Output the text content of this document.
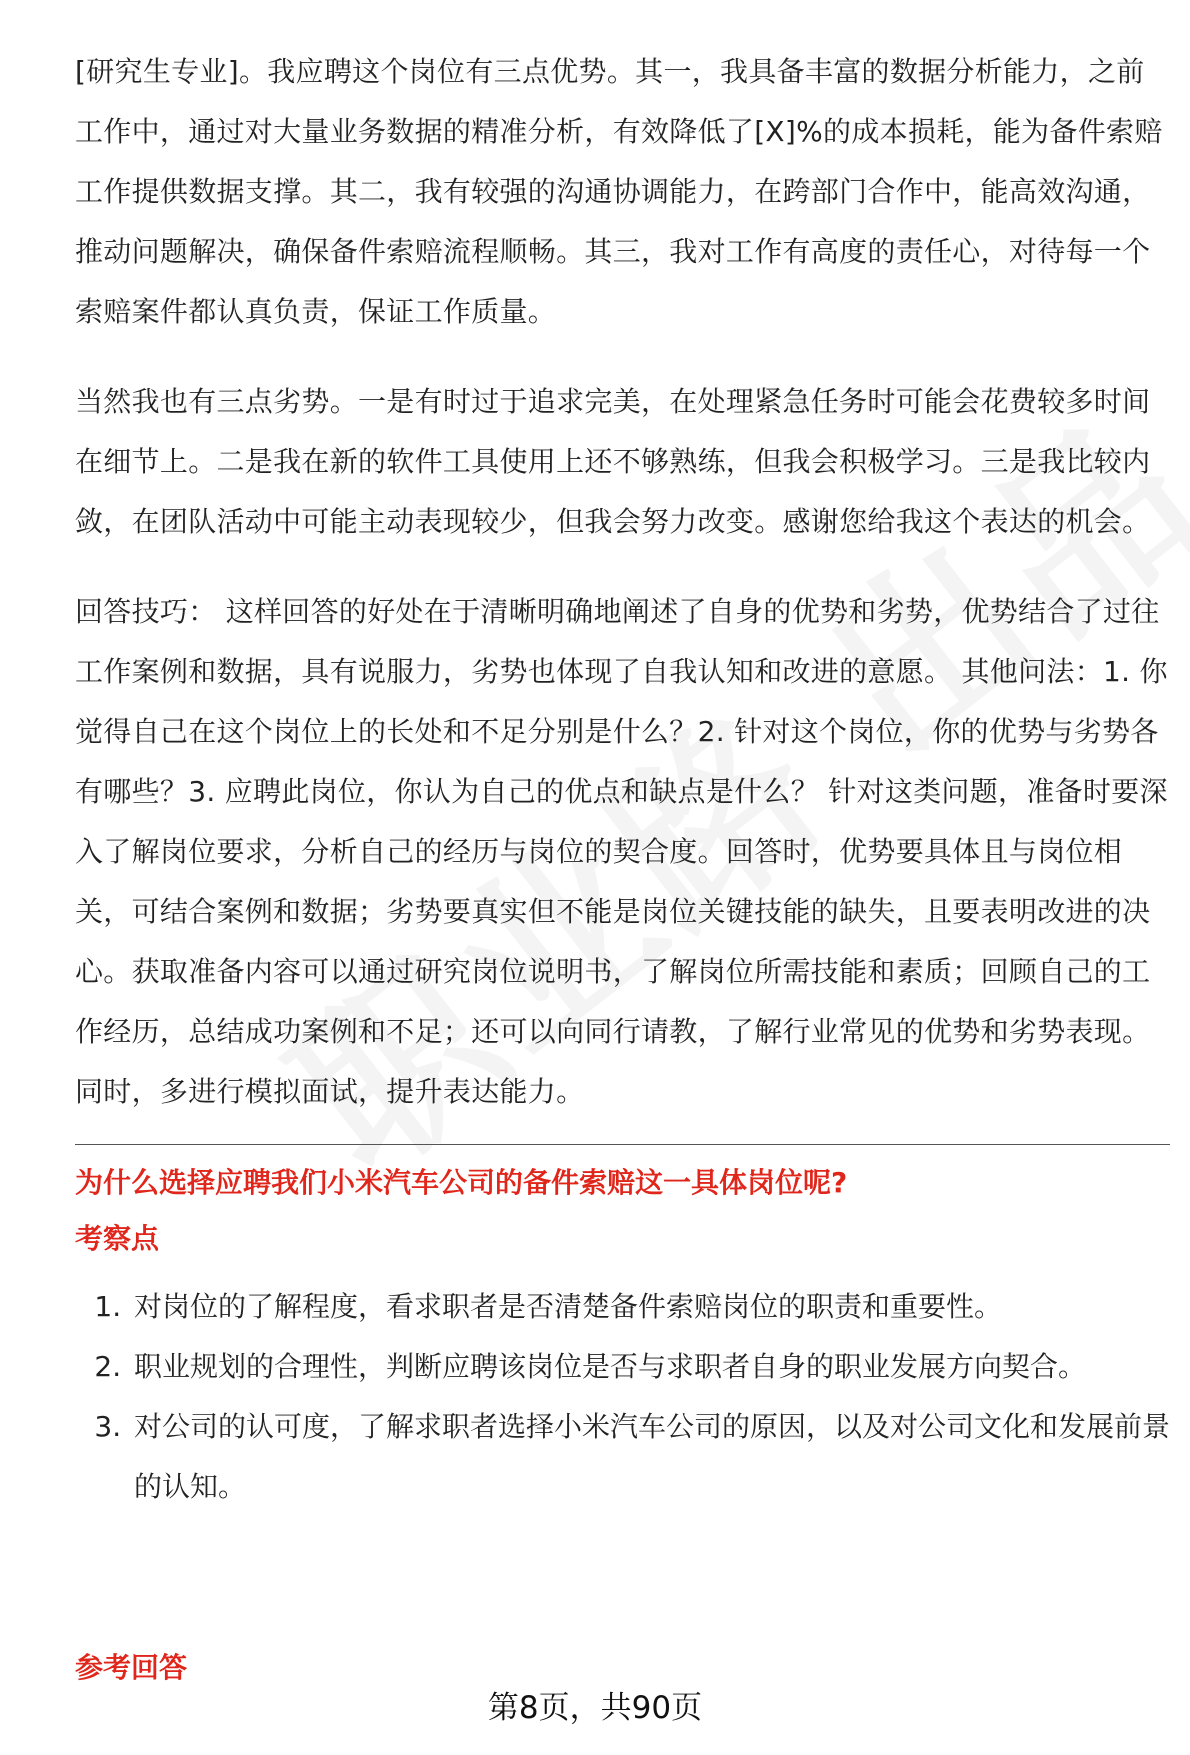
[研究生专业]。我应聘这个岗位有三点优势。其一，我具备丰富的数据分析能力，之前工作中，通过对大量业务数据的精准分析，有效降低了[X]%的成本损耗，能为备件索赔工作提供数据支撑。其二，我有较强的沟通协调能力，在跨部门合作中，能高效沟通，推动问题解决，确保备件索赔流程顺畅。其三，我对工作有高度的责任心，对待每一个索赔案件都认真负责，保证工作质量。

当然我也有三点劣势。一是有时过于追求完美，在处理紧急任务时可能会花费较多时间在细节上。二是我在新的软件工具使用上还不够熟练，但我会积极学习。三是我比较内敛，在团队活动中可能主动表现较少，但我会努力改变。感谢您给我这个表达的机会。

回答技巧： 这样回答的好处在于清晰明确地阐述了自身的优势和劣势，优势结合了过往工作案例和数据，具有说服力，劣势也体现了自我认知和改进的意愿。 其他问法：1. 你觉得自己在这个岗位上的长处和不足分别是什么？2. 针对这个岗位，你的优势与劣势各有哪些？3. 应聘此岗位，你认为自己的优点和缺点是什么？ 针对这类问题，准备时要深入了解岗位要求，分析自己的经历与岗位的契合度。回答时，优势要具体且与岗位相关，可结合案例和数据；劣势要真实但不能是岗位关键技能的缺失，且要表明改进的决心。获取准备内容可以通过研究岗位说明书，了解岗位所需技能和素质；回顾自己的工作经历，总结成功案例和不足；还可以向同行请教，了解行业常见的优势和劣势表现。同时，多进行模拟面试，提升表达能力。

为什么选择应聘我们小米汽车公司的备件索赔这一具体岗位呢?
考察点
1. 对岗位的了解程度，看求职者是否清楚备件索赔岗位的职责和重要性。
2. 职业规划的合理性，判断应聘该岗位是否与求职者自身的职业发展方向契合。
3. 对公司的认可度，了解求职者选择小米汽车公司的原因，以及对公司文化和发展前景的认知。
参考回答
第8页，共90页
